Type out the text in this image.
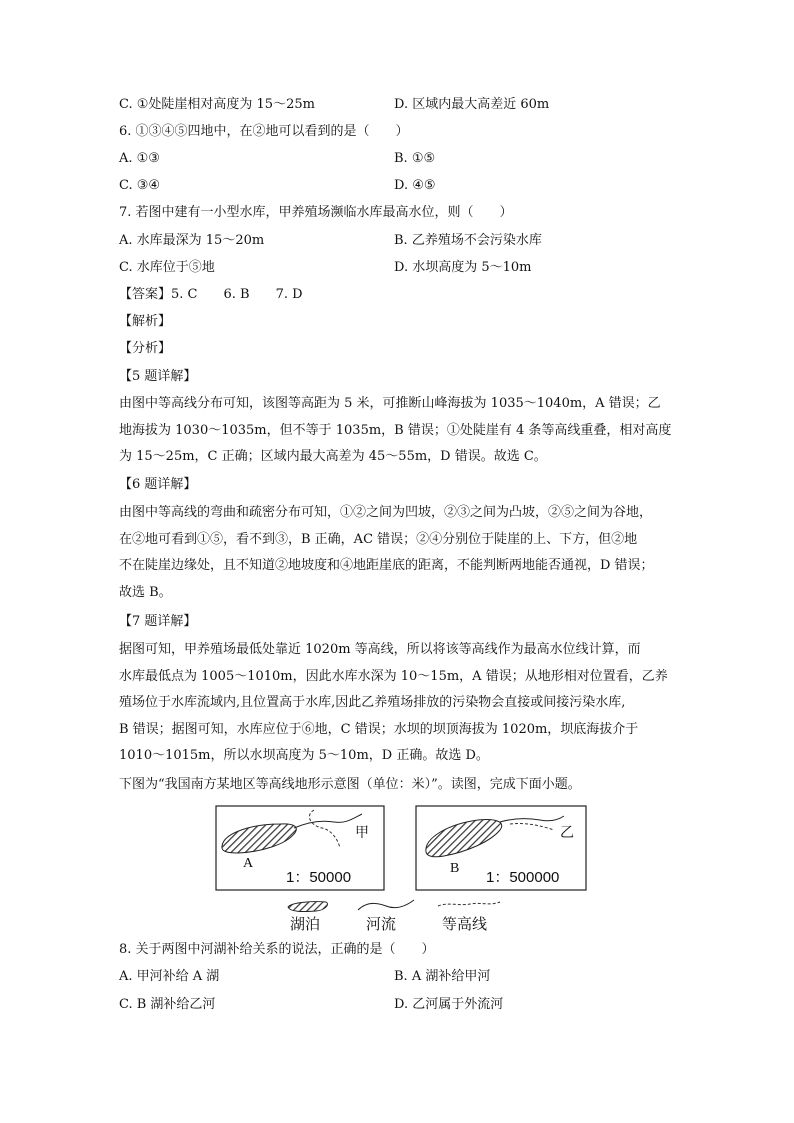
C. ①处陡崖相对高度为 15～25m	D. 区域内最大高差近 60m
6. ①③④⑤四地中，在②地可以看到的是（　　）
A. ①③	B. ①⑤
C. ③④	D. ④⑤
7. 若图中建有一小型水库，甲养殖场濒临水库最高水位，则（　　）
A. 水库最深为 15～20m	B. 乙养殖场不会污染水库
C. 水库位于⑤地	D. 水坝高度为 5～10m
【答案】5. C　　6. B　　7. D
【解析】
【分析】
【5 题详解】
由图中等高线分布可知，该图等高距为 5 米，可推断山峰海拔为 1035～1040m，A 错误；乙
地海拔为 1030～1035m，但不等于 1035m，B 错误；①处陡崖有 4 条等高线重叠，相对高度
为 15～25m，C 正确；区域内最大高差为 45～55m，D 错误。故选 C。
【6 题详解】
由图中等高线的弯曲和疏密分布可知，①②之间为凹坡，②③之间为凸坡，②⑤之间为谷地，
在②地可看到①⑤，看不到③，B 正确，AC 错误；②④分别位于陡崖的上、下方，但②地
不在陡崖边缘处，且不知道②地坡度和④地距崖底的距离，不能判断两地能否通视，D 错误；
故选 B。
【7 题详解】
据图可知，甲养殖场最低处靠近 1020m 等高线，所以将该等高线作为最高水位线计算，而
水库最低点为 1005～1010m，因此水库水深为 10～15m，A 错误；从地形相对位置看，乙养
殖场位于水库流域内,且位置高于水库,因此乙养殖场排放的污染物会直接或间接污染水库,
B 错误；据图可知，水库应位于⑥地，C 错误；水坝的坝顶海拔为 1020m，坝底海拔介于
1010～1015m，所以水坝高度为 5～10m，D 正确。故选 D。
下图为“我国南方某地区等高线地形示意图（单位：米）”。读图，完成下面小题。
A
甲
1：50000
B
乙
1：500000
湖泊	河流	等高线
8. 关于两图中河湖补给关系的说法，正确的是（　　）
A. 甲河补给 A 湖	B. A 湖补给甲河
C. B 湖补给乙河	D. 乙河属于外流河
